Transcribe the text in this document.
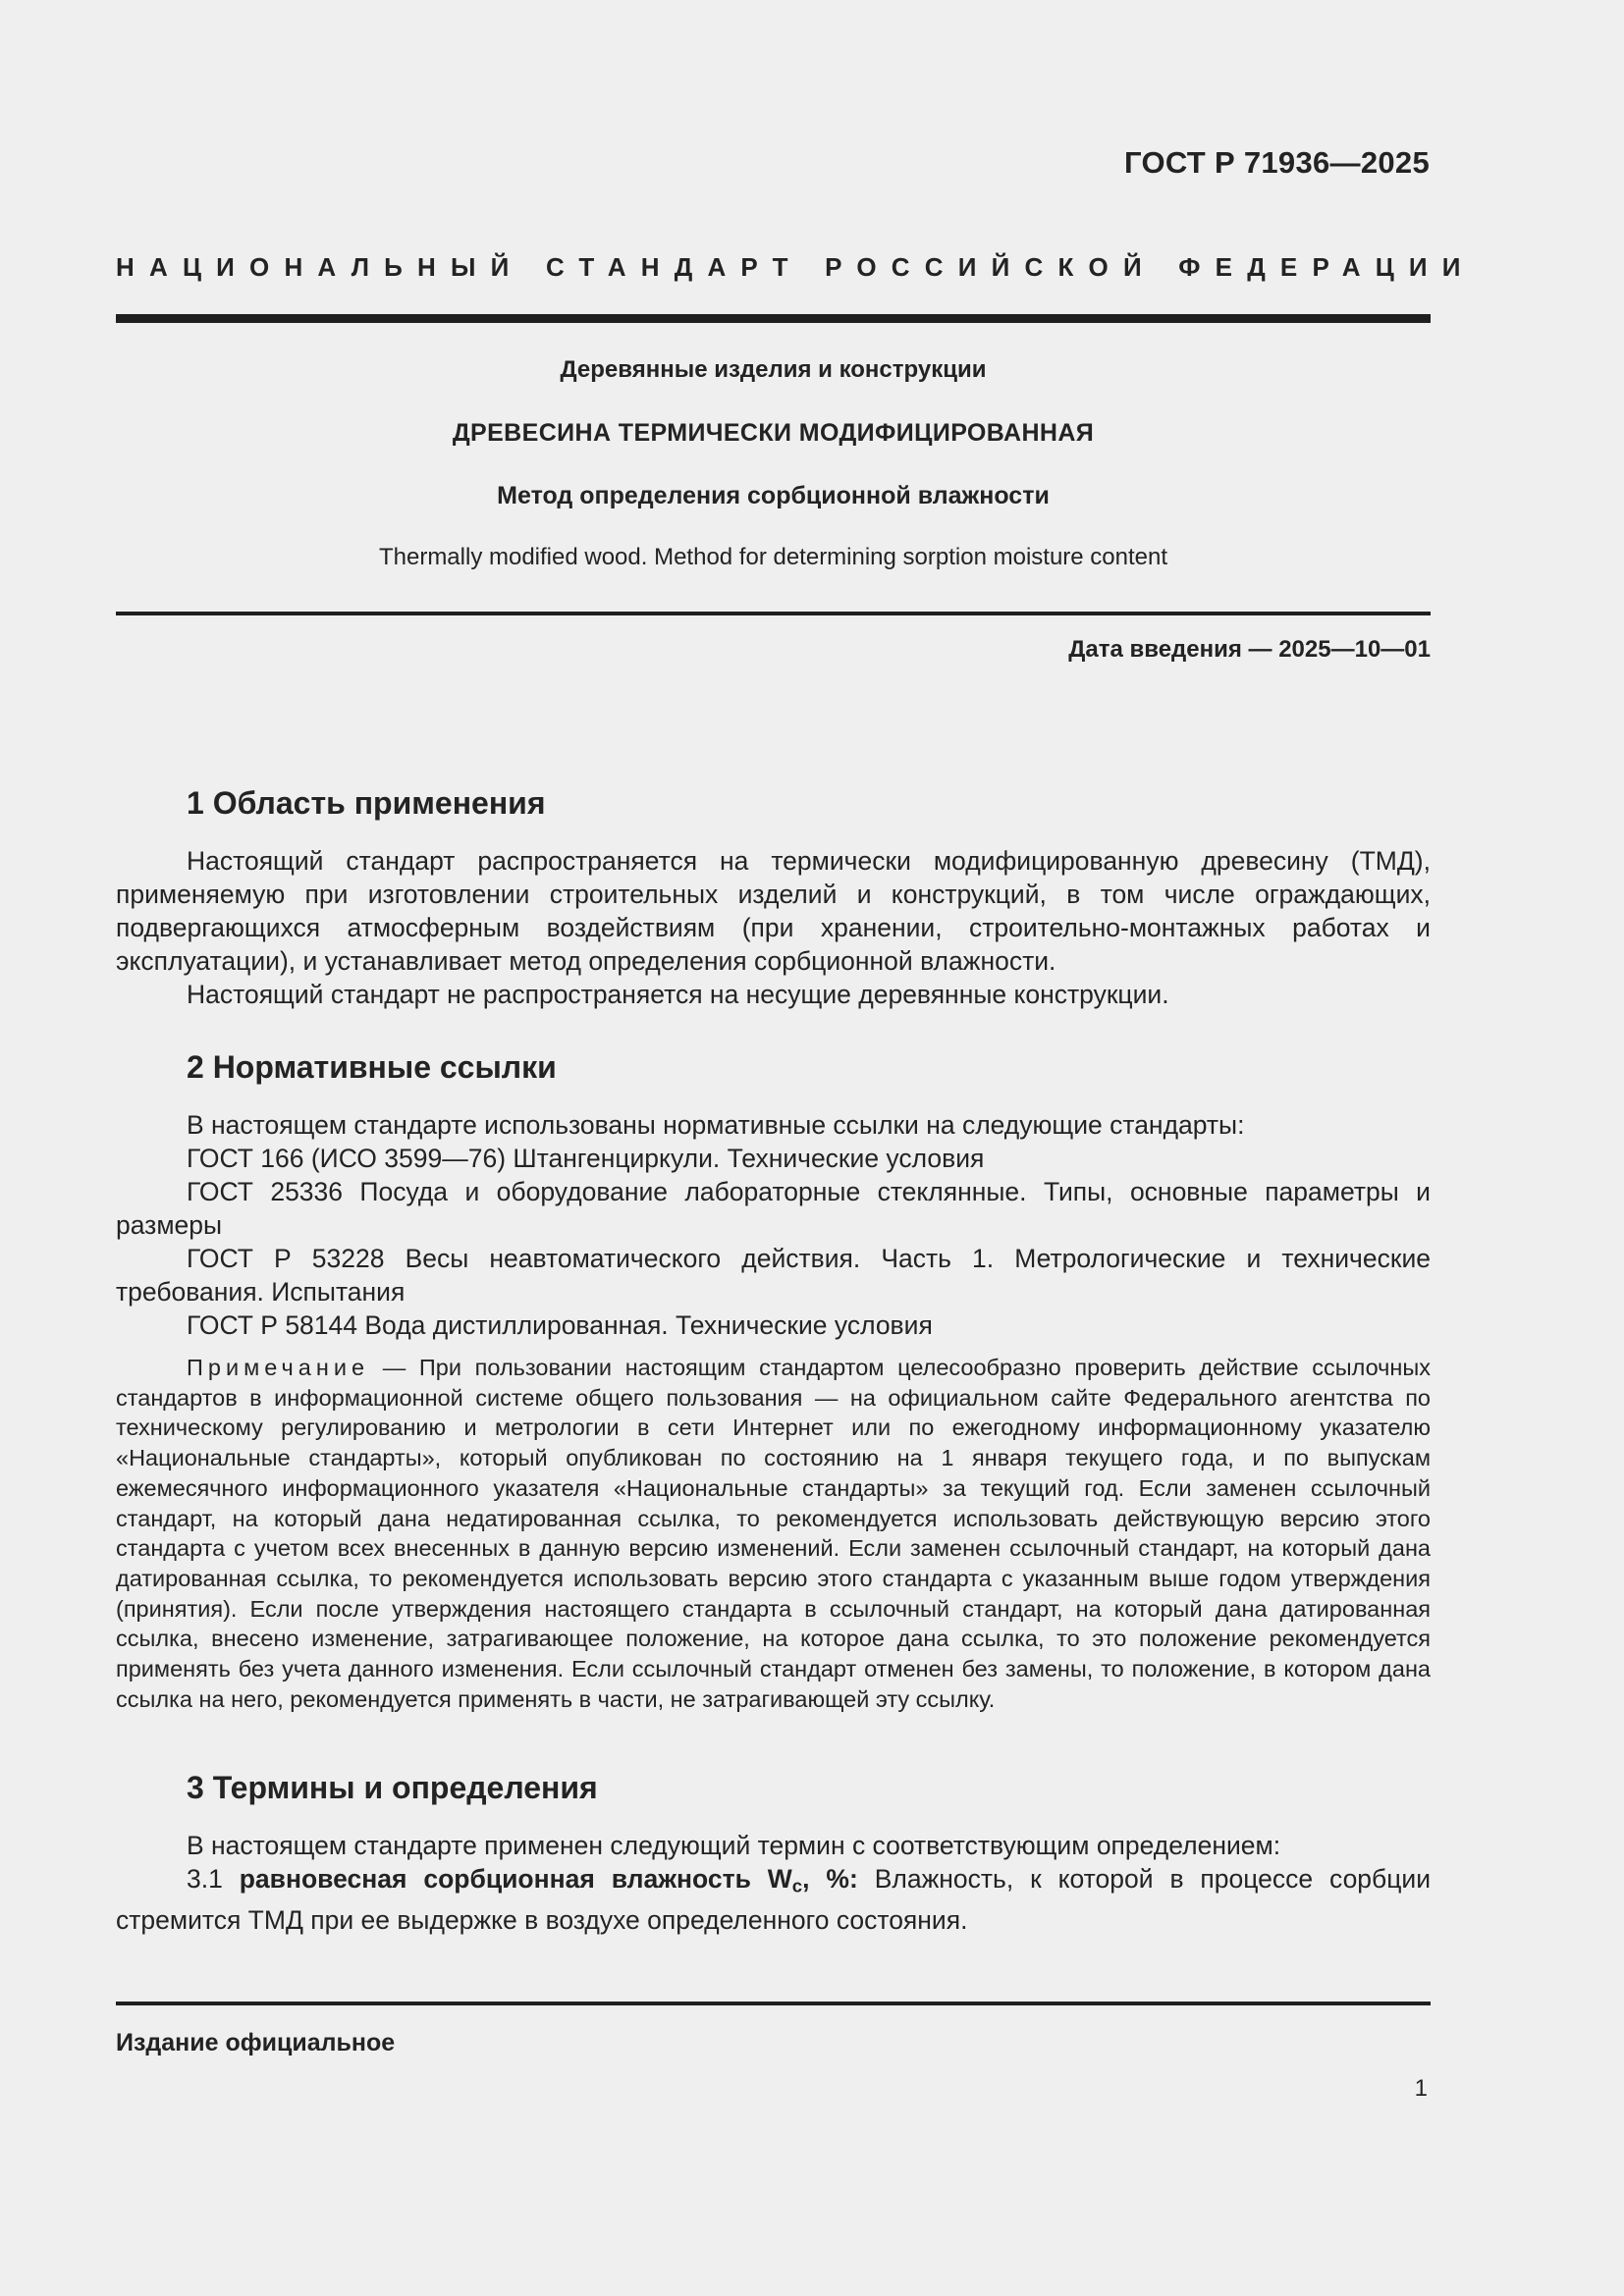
ГОСТ Р 71936—2025
НАЦИОНАЛЬНЫЙ СТАНДАРТ РОССИЙСКОЙ ФЕДЕРАЦИИ
Деревянные изделия и конструкции
ДРЕВЕСИНА ТЕРМИЧЕСКИ МОДИФИЦИРОВАННАЯ
Метод определения сорбционной влажности
Thermally modified wood. Method for determining sorption moisture content
Дата введения — 2025—10—01
1 Область применения

Настоящий стандарт распространяется на термически модифицированную древесину (ТМД), применяемую при изготовлении строительных изделий и конструкций, в том числе ограждающих, подвергающихся атмосферным воздействиям (при хранении, строительно-монтажных работах и эксплуатации), и устанавливает метод определения сорбционной влажности.

Настоящий стандарт не распространяется на несущие деревянные конструкции.

2 Нормативные ссылки

В настоящем стандарте использованы нормативные ссылки на следующие стандарты:

ГОСТ 166 (ИСО 3599—76) Штангенциркули. Технические условия

ГОСТ 25336 Посуда и оборудование лабораторные стеклянные. Типы, основные параметры и размеры

ГОСТ Р 53228 Весы неавтоматического действия. Часть 1. Метрологические и технические требования. Испытания

ГОСТ Р 58144 Вода дистиллированная. Технические условия

Примечание — При пользовании настоящим стандартом целесообразно проверить действие ссылочных стандартов в информационной системе общего пользования — на официальном сайте Федерального агентства по техническому регулированию и метрологии в сети Интернет или по ежегодному информационному указателю «Национальные стандарты», который опубликован по состоянию на 1 января текущего года, и по выпускам ежемесячного информационного указателя «Национальные стандарты» за текущий год. Если заменен ссылочный стандарт, на который дана недатированная ссылка, то рекомендуется использовать действующую версию этого стандарта с учетом всех внесенных в данную версию изменений. Если заменен ссылочный стандарт, на который дана датированная ссылка, то рекомендуется использовать версию этого стандарта с указанным выше годом утверждения (принятия). Если после утверждения настоящего стандарта в ссылочный стандарт, на который дана датированная ссылка, внесено изменение, затрагивающее положение, на которое дана ссылка, то это положение рекомендуется применять без учета данного изменения. Если ссылочный стандарт отменен без замены, то положение, в котором дана ссылка на него, рекомендуется применять в части, не затрагивающей эту ссылку.

3 Термины и определения

В настоящем стандарте применен следующий термин с соответствующим определением:

3.1 равновесная сорбционная влажность $W_c$, %: Влажность, к которой в процессе сорбции стремится ТМД при ее выдержке в воздухе определенного состояния.

Издание официальное
1
